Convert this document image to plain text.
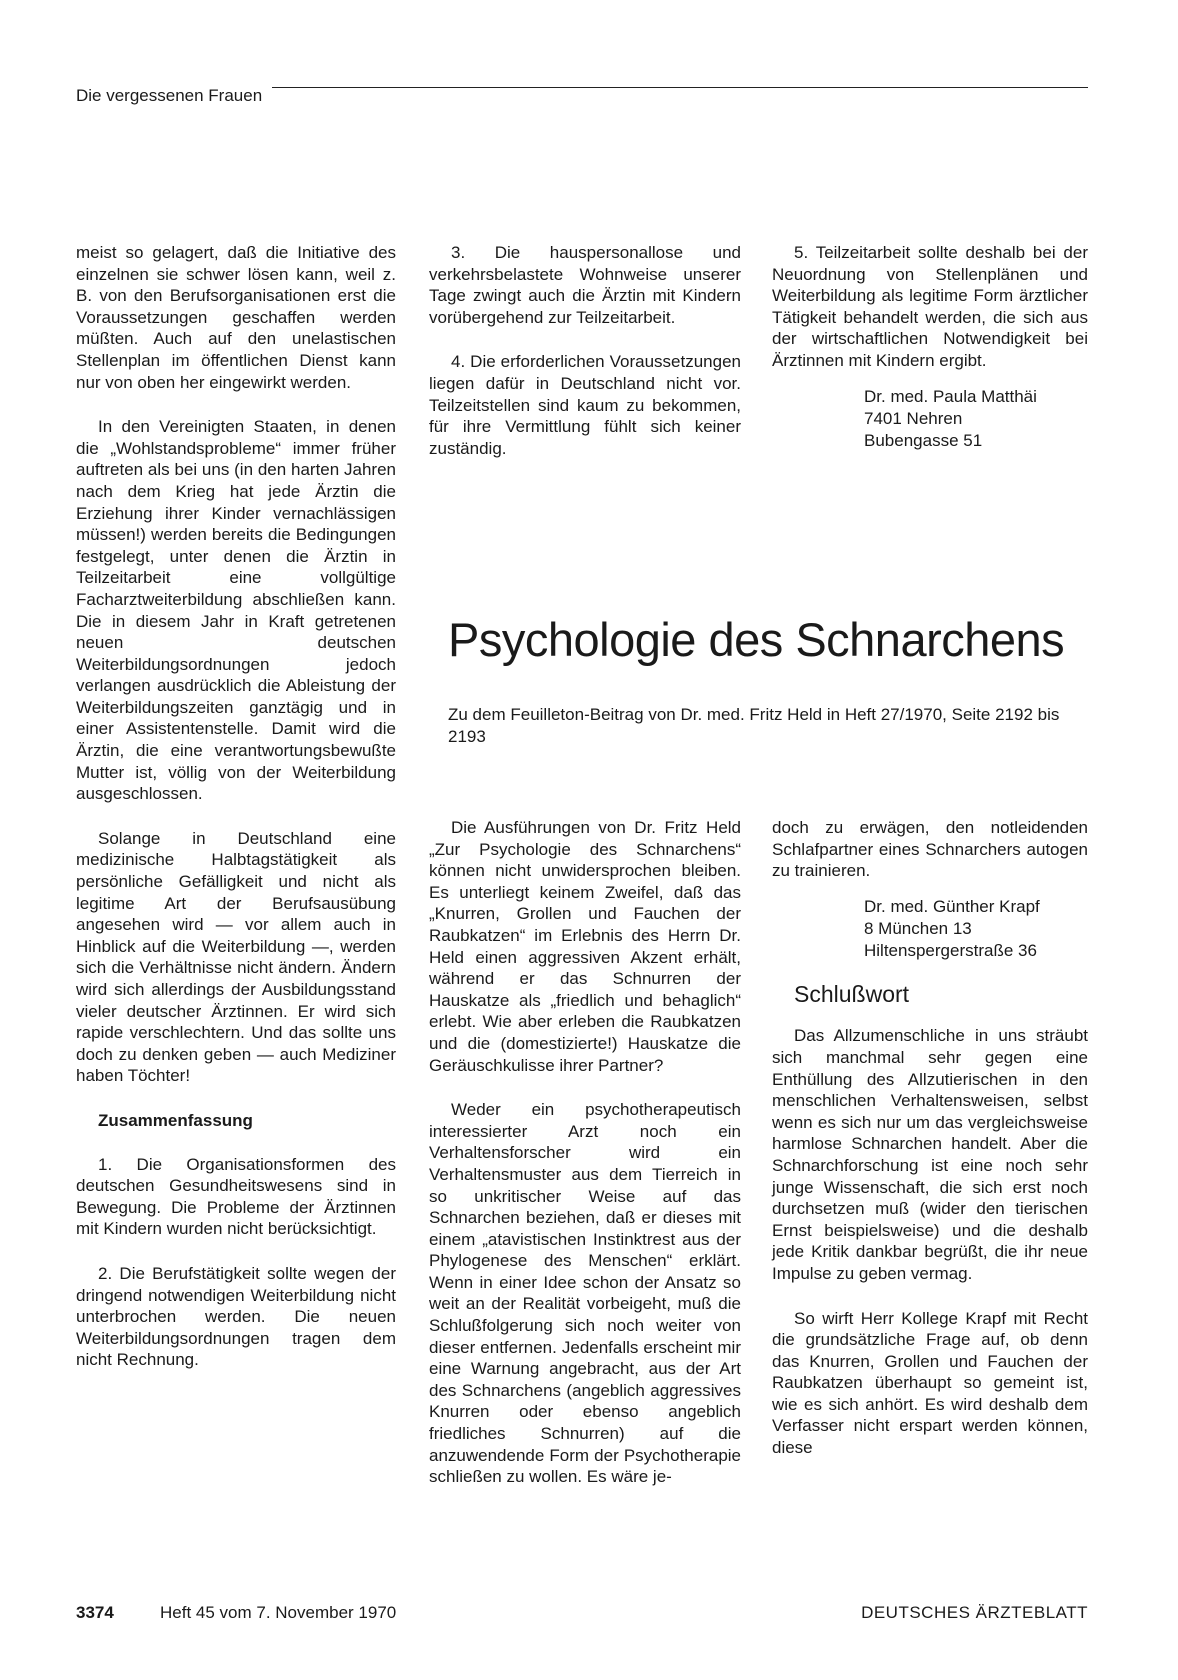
Die vergessenen Frauen

meist so gelagert, daß die Initiative des einzelnen sie schwer lösen kann, weil z. B. von den Berufsorganisationen erst die Voraussetzungen geschaffen werden müßten. Auch auf den unelastischen Stellenplan im öffentlichen Dienst kann nur von oben her eingewirkt werden.

In den Vereinigten Staaten, in denen die „Wohlstandsprobleme“ immer früher auftreten als bei uns (in den harten Jahren nach dem Krieg hat jede Ärztin die Erziehung ihrer Kinder vernachlässigen müssen!) werden bereits die Bedingungen festgelegt, unter denen die Ärztin in Teilzeitarbeit eine vollgültige Facharztweiterbildung abschließen kann. Die in diesem Jahr in Kraft getretenen neuen deutschen Weiterbildungsordnungen jedoch verlangen ausdrücklich die Ableistung der Weiterbildungszeiten ganztägig und in einer Assistentenstelle. Damit wird die Ärztin, die eine verantwortungsbewußte Mutter ist, völlig von der Weiterbildung ausgeschlossen.

Solange in Deutschland eine medizinische Halbtagstätigkeit als persönliche Gefälligkeit und nicht als legitime Art der Berufsausübung angesehen wird — vor allem auch in Hinblick auf die Weiterbildung —, werden sich die Verhältnisse nicht ändern. Ändern wird sich allerdings der Ausbildungsstand vieler deutscher Ärztinnen. Er wird sich rapide verschlechtern. Und das sollte uns doch zu denken geben — auch Mediziner haben Töchter!

Zusammenfassung

1. Die Organisationsformen des deutschen Gesundheitswesens sind in Bewegung. Die Probleme der Ärztinnen mit Kindern wurden nicht berücksichtigt.

2. Die Berufstätigkeit sollte wegen der dringend notwendigen Weiterbildung nicht unterbrochen werden. Die neuen Weiterbildungsordnungen tragen dem nicht Rechnung.

3. Die hauspersonallose und verkehrsbelastete Wohnweise unserer Tage zwingt auch die Ärztin mit Kindern vorübergehend zur Teilzeitarbeit.

4. Die erforderlichen Voraussetzungen liegen dafür in Deutschland nicht vor. Teilzeitstellen sind kaum zu bekommen, für ihre Vermittlung fühlt sich keiner zuständig.

5. Teilzeitarbeit sollte deshalb bei der Neuordnung von Stellenplänen und Weiterbildung als legitime Form ärztlicher Tätigkeit behandelt werden, die sich aus der wirtschaftlichen Notwendigkeit bei Ärztinnen mit Kindern ergibt.

Dr. med. Paula Matthäi
7401 Nehren
Bubengasse 51
Psychologie des Schnarchens

Zu dem Feuilleton-Beitrag von Dr. med. Fritz Held in Heft 27/1970, Seite 2192 bis 2193

Die Ausführungen von Dr. Fritz Held „Zur Psychologie des Schnarchens“ können nicht unwidersprochen bleiben. Es unterliegt keinem Zweifel, daß das „Knurren, Grollen und Fauchen der Raubkatzen“ im Erlebnis des Herrn Dr. Held einen aggressiven Akzent erhält, während er das Schnurren der Hauskatze als „friedlich und behaglich“ erlebt. Wie aber erleben die Raubkatzen und die (domestizierte!) Hauskatze die Geräuschkulisse ihrer Partner?

Weder ein psychotherapeutisch interessierter Arzt noch ein Verhaltensforscher wird ein Verhaltensmuster aus dem Tierreich in so unkritischer Weise auf das Schnarchen beziehen, daß er dieses mit einem „atavistischen Instinktrest aus der Phylogenese des Menschen“ erklärt. Wenn in einer Idee schon der Ansatz so weit an der Realität vorbeigeht, muß die Schlußfolgerung sich noch weiter von dieser entfernen. Jedenfalls erscheint mir eine Warnung angebracht, aus der Art des Schnarchens (angeblich aggressives Knurren oder ebenso angeblich friedliches Schnurren) auf die anzuwendende Form der Psychotherapie schließen zu wollen. Es wäre je-

doch zu erwägen, den notleidenden Schlafpartner eines Schnarchers autogen zu trainieren.

Dr. med. Günther Krapf
8 München 13
Hiltenspergerstraße 36
Schlußwort

Das Allzumenschliche in uns sträubt sich manchmal sehr gegen eine Enthüllung des Allzutierischen in den menschlichen Verhaltensweisen, selbst wenn es sich nur um das vergleichsweise harmlose Schnarchen handelt. Aber die Schnarchforschung ist eine noch sehr junge Wissenschaft, die sich erst noch durchsetzen muß (wider den tierischen Ernst beispielsweise) und die deshalb jede Kritik dankbar begrüßt, die ihr neue Impulse zu geben vermag.

So wirft Herr Kollege Krapf mit Recht die grundsätzliche Frage auf, ob denn das Knurren, Grollen und Fauchen der Raubkatzen überhaupt so gemeint ist, wie es sich anhört. Es wird deshalb dem Verfasser nicht erspart werden können, diese

3374	Heft 45 vom 7. November 1970	DEUTSCHES ÄRZTEBLATT
